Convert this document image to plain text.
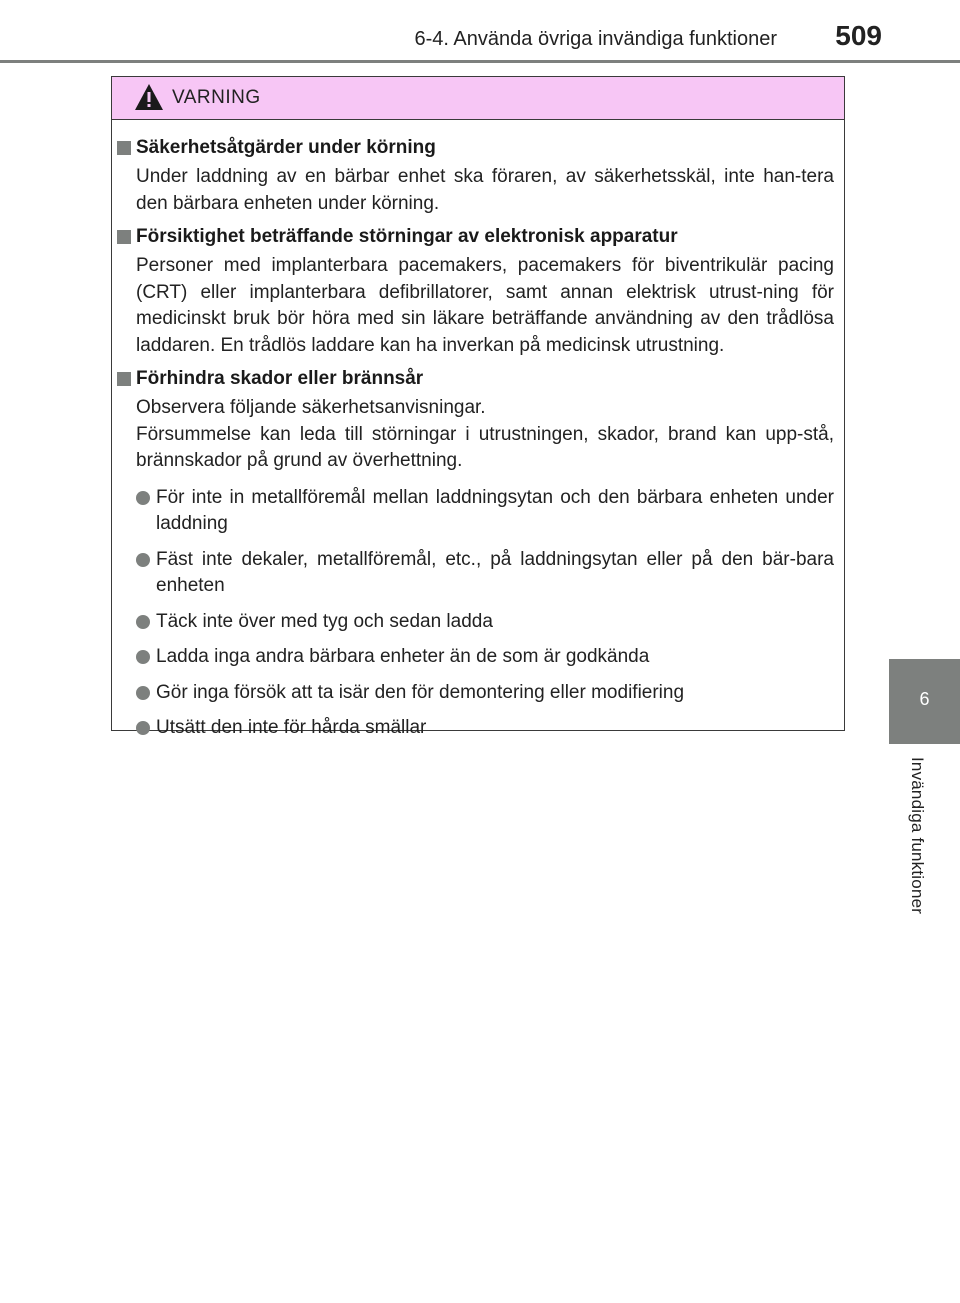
6-4. Använda övriga invändiga funktioner 509
6
Invändiga funktioner
VARNING
Säkerhetsåtgärder under körning
Under laddning av en bärbar enhet ska föraren, av säkerhetsskäl, inte han-tera den bärbara enheten under körning.
Försiktighet beträffande störningar av elektronisk apparatur
Personer med implanterbara pacemakers, pacemakers för biventrikulär pacing (CRT) eller implanterbara defibrillatorer, samt annan elektrisk utrust-ning för medicinskt bruk bör höra med sin läkare beträffande användning av den trådlösa laddaren. En trådlös laddare kan ha inverkan på medicinsk utrustning.
Förhindra skador eller brännsår
Observera följande säkerhetsanvisningar.
Försummelse kan leda till störningar i utrustningen, skador, brand kan upp-stå, brännskador på grund av överhettning.
För inte in metallföremål mellan laddningsytan och den bärbara enheten under laddning
Fäst inte dekaler, metallföremål, etc., på laddningsytan eller på den bär-bara enheten
Täck inte över med tyg och sedan ladda
Ladda inga andra bärbara enheter än de som är godkända
Gör inga försök att ta isär den för demontering eller modifiering
Utsätt den inte för hårda smällar
